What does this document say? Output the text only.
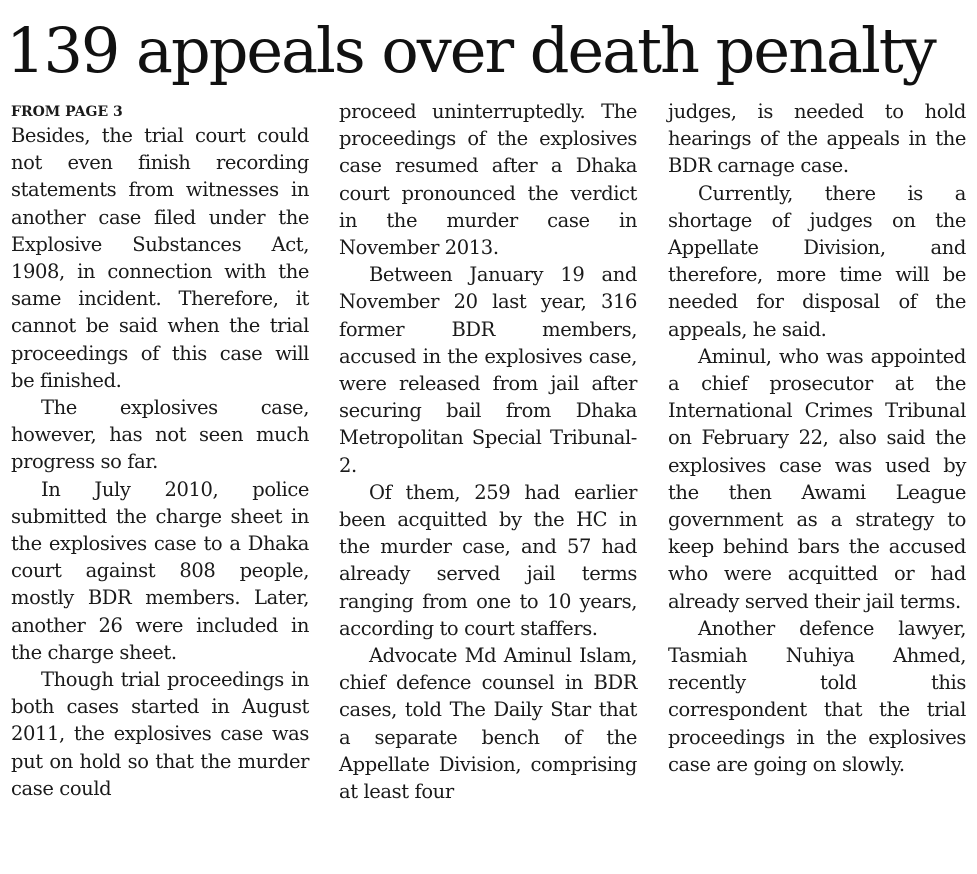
139 appeals over death penalty
FROM PAGE 3

Besides, the trial court could not even finish recording statements from witnesses in another case filed under the Explosive Substances Act, 1908, in connection with the same incident. Therefore, it cannot be said when the trial proceedings of this case will be finished.

The explosives case, however, has not seen much progress so far.

In July 2010, police submitted the charge sheet in the explosives case to a Dhaka court against 808 people, mostly BDR members. Later, another 26 were included in the charge sheet.

Though trial proceedings in both cases started in August 2011, the explosives case was put on hold so that the murder case could

proceed uninterruptedly. The proceedings of the explosives case resumed after a Dhaka court pronounced the verdict in the murder case in November 2013.

Between January 19 and November 20 last year, 316 former BDR members, accused in the explosives case, were released from jail after securing bail from Dhaka Metropolitan Special Tribunal-2.

Of them, 259 had earlier been acquitted by the HC in the murder case, and 57 had already served jail terms ranging from one to 10 years, according to court staffers.

Advocate Md Aminul Islam, chief defence counsel in BDR cases, told The Daily Star that a separate bench of the Appellate Division, comprising at least four

judges, is needed to hold hearings of the appeals in the BDR carnage case.

Currently, there is a shortage of judges on the Appellate Division, and therefore, more time will be needed for disposal of the appeals, he said.

Aminul, who was appointed a chief prosecutor at the International Crimes Tribunal on February 22, also said the explosives case was used by the then Awami League government as a strategy to keep behind bars the accused who were acquitted or had already served their jail terms.

Another defence lawyer, Tasmiah Nuhiya Ahmed, recently told this correspondent that the trial proceedings in the explosives case are going on slowly.
